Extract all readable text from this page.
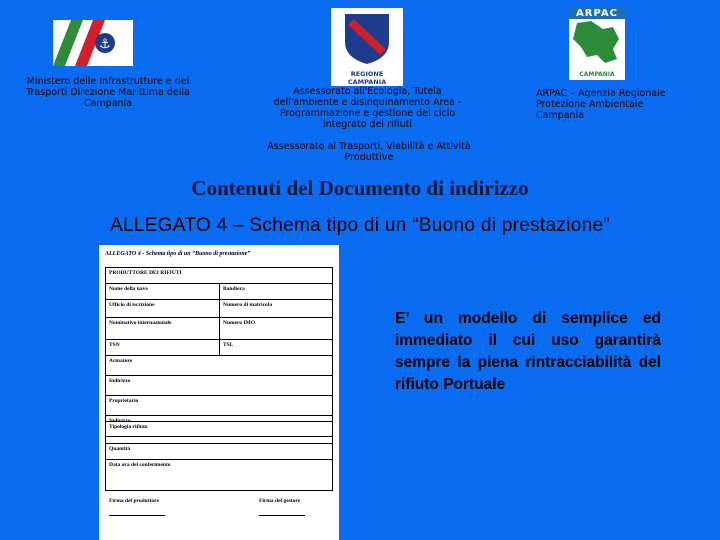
⚓
REGIONE CAMPANIA
ARPAC
CAMPANIA
Ministero delle Infrastrutture e dei Trasporti Direzione Marittima della Campania
Assessorato all'Ecologia, Tutela dell'ambiente e disinquinamento Area - Programmazione e gestione del ciclo integrato dei rifiuti
ARPAC – Agenzia Regionale Protezione Ambientale Campania
Assessorato ai Trasporti, Viabilità e Attività Produttive
Contenuti del Documento di indirizzo
ALLEGATO 4 – Schema tipo di un “Buono di prestazione”
ALLEGATO 4 - Schema tipo di un “Buono di prestazione”
PRODUTTORE DEI RIFIUTI
Nome della nave	Bandiera
Ufficio di iscrizione	Numero di matricola
Nominativo internazionale	Numero IMO
TSN	TSL
Armatore
Indirizzo
Proprietario
Indirizzo
Tipologia rifiuto
Quantità
Data ora del conferimento
Firma del produttore	Firma del gestore
E’ un modello di semplice ed immediato il cui uso garantirà sempre la piena rintracciabilità del rifiuto Portuale
